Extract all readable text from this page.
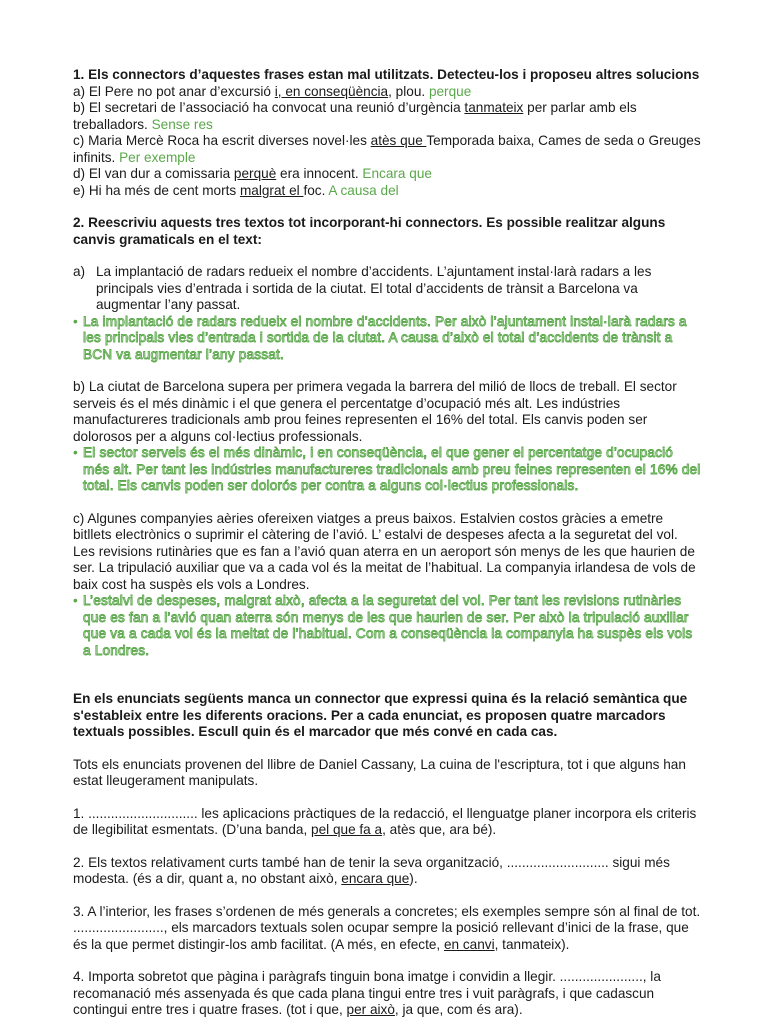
1. Els connectors d’aquestes frases estan mal utilitzats. Detecteu-los i proposeu altres solucions

a) El Pere no pot anar d’excursió i, en conseqüència, plou. perque

b) El secretari de l’associació ha convocat una reunió d’urgència tanmateix per parlar amb els treballadors. Sense res

c) Maria Mercè Roca ha escrit diverses novel·les atès que Temporada baixa, Cames de seda o Greuges infinits. Per exemple

d) El van dur a comissaria perquè era innocent. Encara que

e) Hi ha més de cent morts malgrat el foc. A causa del

2. Reescriviu aquests tres textos tot incorporant-hi connectors. Es possible realitzar alguns canvis gramaticals en el text:

a) La implantació de radars redueix el nombre d’accidents. L’ajuntament instal·larà radars a les principals vies d’entrada i sortida de la ciutat. El total d’accidents de trànsit a Barcelona va augmentar l’any passat.
• La implantació de radars redueix el nombre d’accidents. Per això l’ajuntament instal·larà radars a les principals vies d’entrada i sortida de la ciutat. A causa d’això el total d’accidents de trànsit a BCN va augmentar l’any passat.

b) La ciutat de Barcelona supera per primera vegada la barrera del milió de llocs de treball. El sector serveis és el més dinàmic i el que genera el percentatge d’ocupació més alt. Les indústries manufactureres tradicionals amb prou feines representen el 16% del total. Els canvis poden ser dolorosos per a alguns col·lectius professionals.

• El sector serveis és el més dinàmic, i en conseqüència, el que gener el percentatge d’ocupació més alt. Per tant les indústries manufactureres tradicionals amb preu feines representen el 16% del total. Els canvis poden ser dolorós per contra a alguns col·lectius professionals.

c) Algunes companyies aèries ofereixen viatges a preus baixos. Estalvien costos gràcies a emetre bitllets electrònics o suprimir el càtering de l’avió. L’ estalvi de despeses afecta a la seguretat del vol. Les revisions rutinàries que es fan a l’avió quan aterra en un aeroport són menys de les que haurien de ser. La tripulació auxiliar que va a cada vol és la meitat de l’habitual. La companyia irlandesa de vols de baix cost ha suspès els vols a Londres.

• L’estalvi de despeses, malgrat això, afecta a la seguretat del vol. Per tant les revisions rutinàries que es fan a l’avió quan aterra són menys de les que haurien de ser. Per això la tripulació auxiliar que va a cada vol és la meitat de l’habitual. Com a conseqüència la companyia ha suspès els vols a Londres.

En els enunciats següents manca un connector que expressi quina és la relació semàntica que s'estableix entre les diferents oracions. Per a cada enunciat, es proposen quatre marcadors textuals possibles. Escull quin és el marcador que més convé en cada cas.

Tots els enunciats provenen del llibre de Daniel Cassany, La cuina de l'escriptura, tot i que alguns han estat lleugerament manipulats.

1. ............................. les aplicacions pràctiques de la redacció, el llenguatge planer incorpora els criteris de llegibilitat esmentats. (D’una banda, pel que fa a, atès que, ara bé).

2. Els textos relativament curts també han de tenir la seva organització, ........................... sigui més modesta. (és a dir, quant a, no obstant això, encara que).

3. A l’interior, les frases s’ordenen de més generals a concretes; els exemples sempre són al final de tot. ........................, els marcadors textuals solen ocupar sempre la posició rellevant d’inici de la frase, que és la que permet distingir-los amb facilitat. (A més, en efecte, en canvi, tanmateix).

4. Importa sobretot que pàgina i paràgrafs tinguin bona imatge i convidin a llegir. ......................, la recomanació més assenyada és que cada plana tingui entre tres i vuit paràgrafs, i que cadascun contingui entre tres i quatre frases. (tot i que, per això, ja que, com és ara).
